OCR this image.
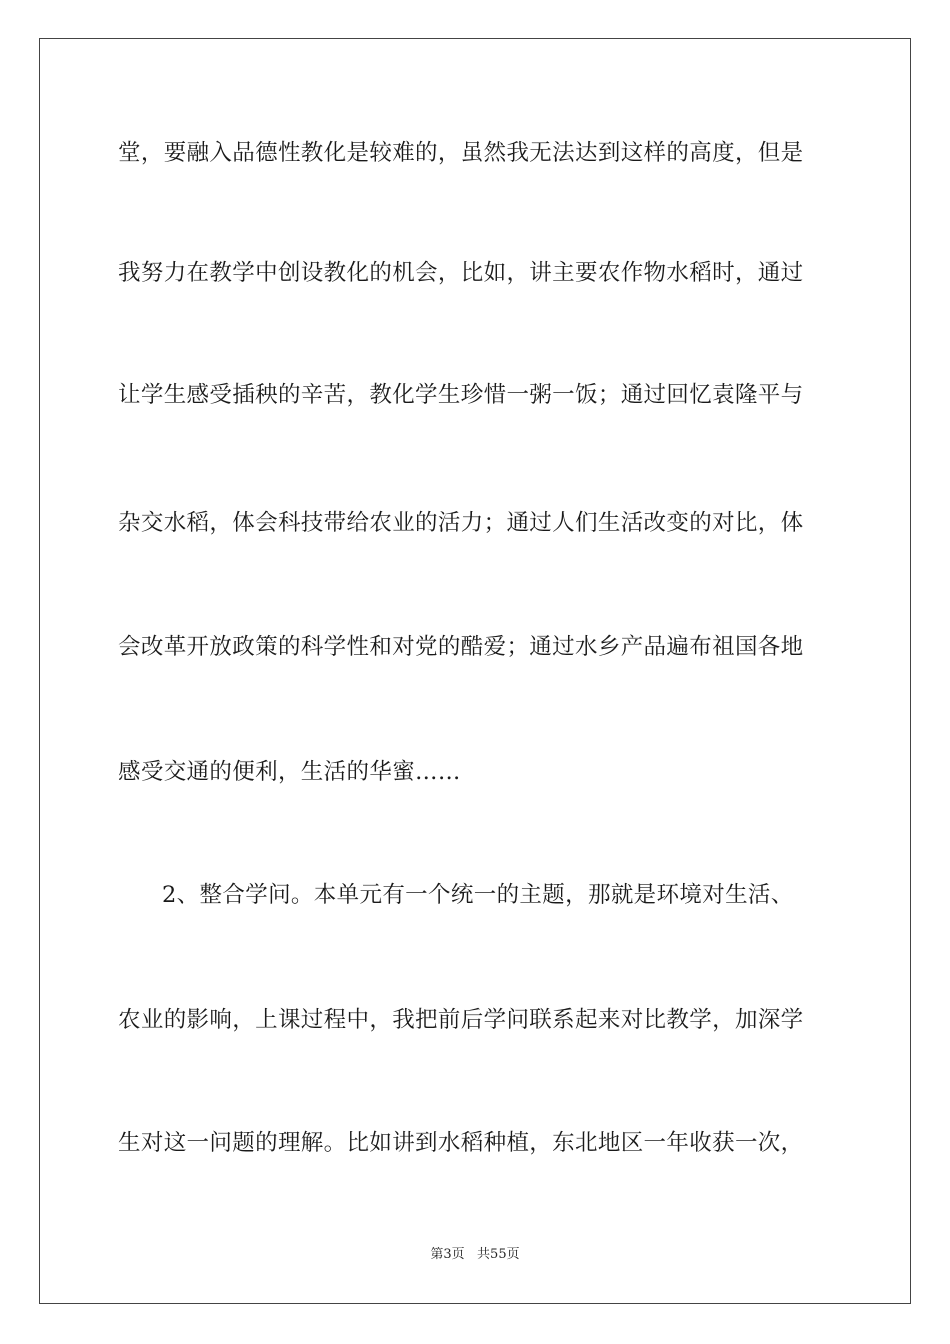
堂，要融入品德性教化是较难的，虽然我无法达到这样的高度，但是
我努力在教学中创设教化的机会，比如，讲主要农作物水稻时，通过
让学生感受插秧的辛苦，教化学生珍惜一粥一饭；通过回忆袁隆平与
杂交水稻，体会科技带给农业的活力；通过人们生活改变的对比，体
会改革开放政策的科学性和对党的酷爱；通过水乡产品遍布祖国各地
感受交通的便利，生活的华蜜……
2、整合学问。本单元有一个统一的主题，那就是环境对生活、
农业的影响，上课过程中，我把前后学问联系起来对比教学，加深学
生对这一问题的理解。比如讲到水稻种植，东北地区一年收获一次，
第3页   共55页
